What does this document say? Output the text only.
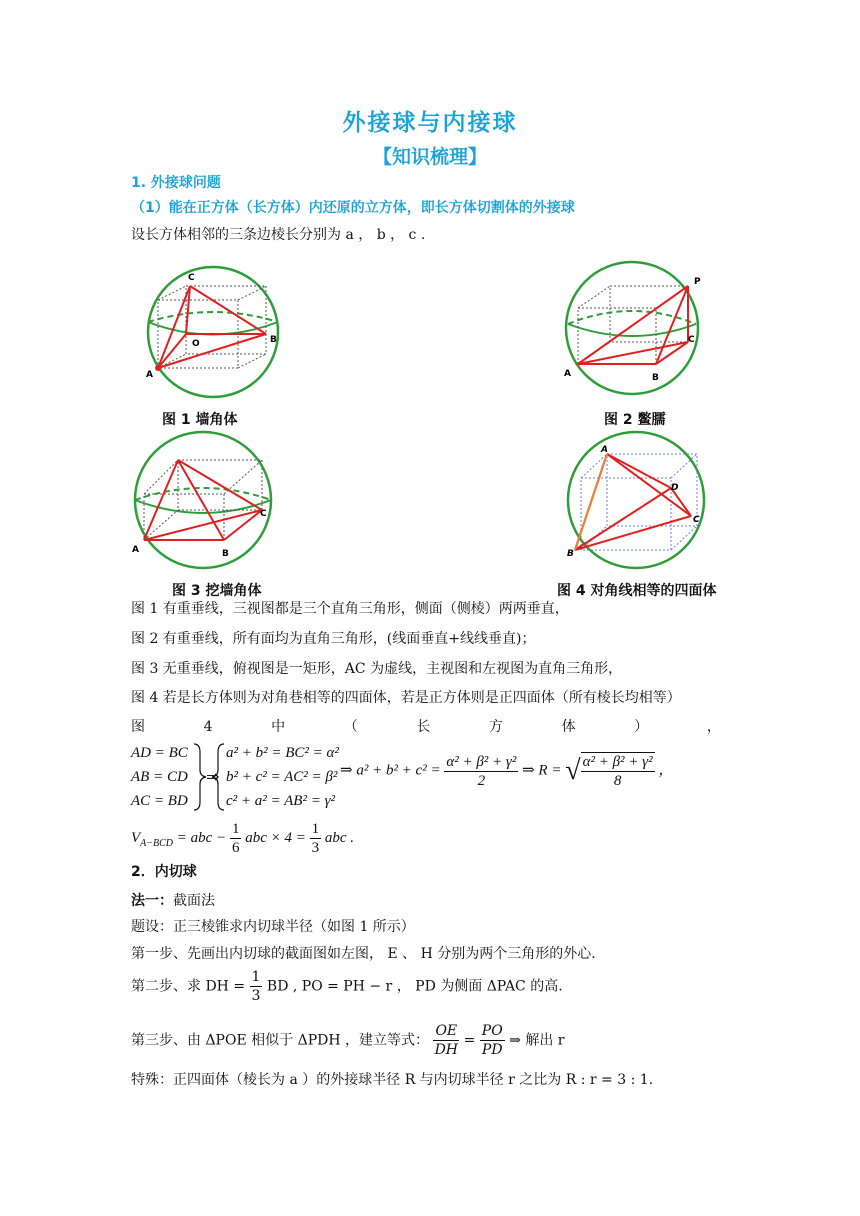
外接球与内接球
【知识梳理】
1. 外接球问题
（1）能在正方体（长方体）内还原的立方体，即长方体切割体的外接球
设长方体相邻的三条边棱长分别为 a ， b ， c .
C
O	B
A
图 1 墙角体
P
C
A	B
图 2 鳖臑
C
A	B
图 3 挖墙角体
A
D
C
B
图 4 对角线相等的四面体
图 1 有重垂线，三视图都是三个直角三角形，侧面（侧棱）两两垂直，
图 2 有重垂线，所有面均为直角三角形，(线面垂直+线线垂直)；
图 3 无重垂线，俯视图是一矩形，AC 为虚线，主视图和左视图为直角三角形，
图 4 若是长方体则为对角巷相等的四面体，若是正方体则是正四面体（所有棱长均相等）
图	4	中	（	长	方	体	）	，
AD = BC
AB = CD
AC = BD
⇒
a² + b² = BC² = α²
b² + c² = AC² = β²
c² + a² = AB² = γ²
⇒ $a^2 + b^2 + c^2 = \frac{\text{α² + β² + γ²}}{2}$ ⇒ R = √ $\frac{\text{α² + β² + γ²}}{8}$ ，
$V_{A-BCD}$ = abc − $\frac{1}{6}$ abc × $4 = \frac{1}{3}$ abc .
2．内切球
法一：截面法
题设：正三棱锥求内切球半径（如图 1 所示）
第一步、先画出内切球的截面图如左图， E 、 H 分别为两个三角形的外心.
第二步、求 DH = $\frac{1}{3}$ BD , PO = PH − r ， PD 为侧面 ΔPAC 的高.
第三步、由 ΔPOE 相似于 ΔPDH ，建立等式： $\frac{OE}{DH} = \frac{PO}{PD}$ ⇒ 解出 r
特殊：正四面体（棱长为 a ）的外接球半径 R 与内切球半径 r 之比为 R : r = 3 : 1.
